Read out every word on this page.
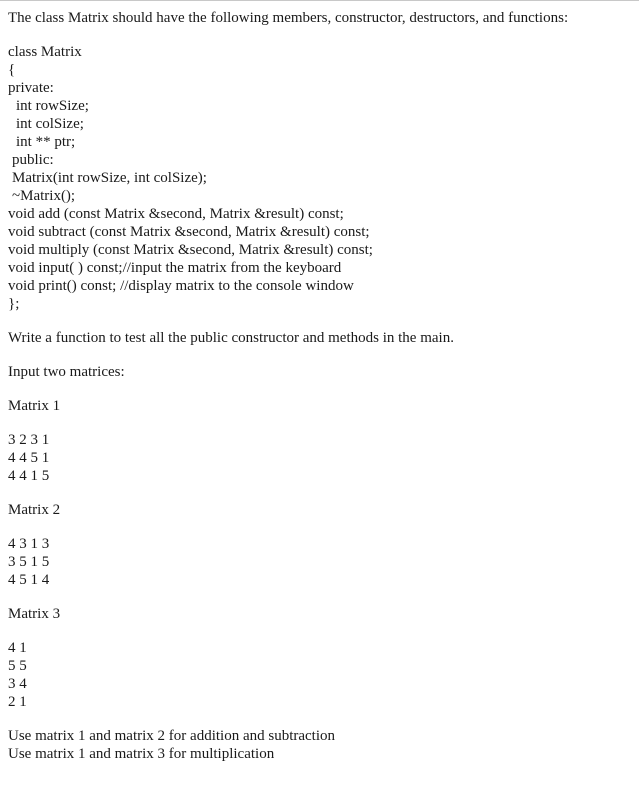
The class Matrix should have the following members, constructor, destructors, and functions:
class Matrix
{
private:
int rowSize;
int colSize;
int ** ptr;
public:
Matrix(int rowSize, int colSize);
~Matrix();
void add (const Matrix &second, Matrix &result) const;
void subtract (const Matrix &second, Matrix &result) const;
void multiply (const Matrix &second, Matrix &result) const;
void input( ) const;//input the matrix from the keyboard
void print() const; //display matrix to the console window
};
Write a function to test all the public constructor and methods in the main.
Input two matrices:
Matrix 1
3 2 3 1
4 4 5 1
4 4 1 5
Matrix 2
4 3 1 3
3 5 1 5
4 5 1 4
Matrix 3
4 1
5 5
3 4
2 1
Use matrix 1 and matrix 2 for addition and subtraction
Use matrix 1 and matrix 3 for multiplication
